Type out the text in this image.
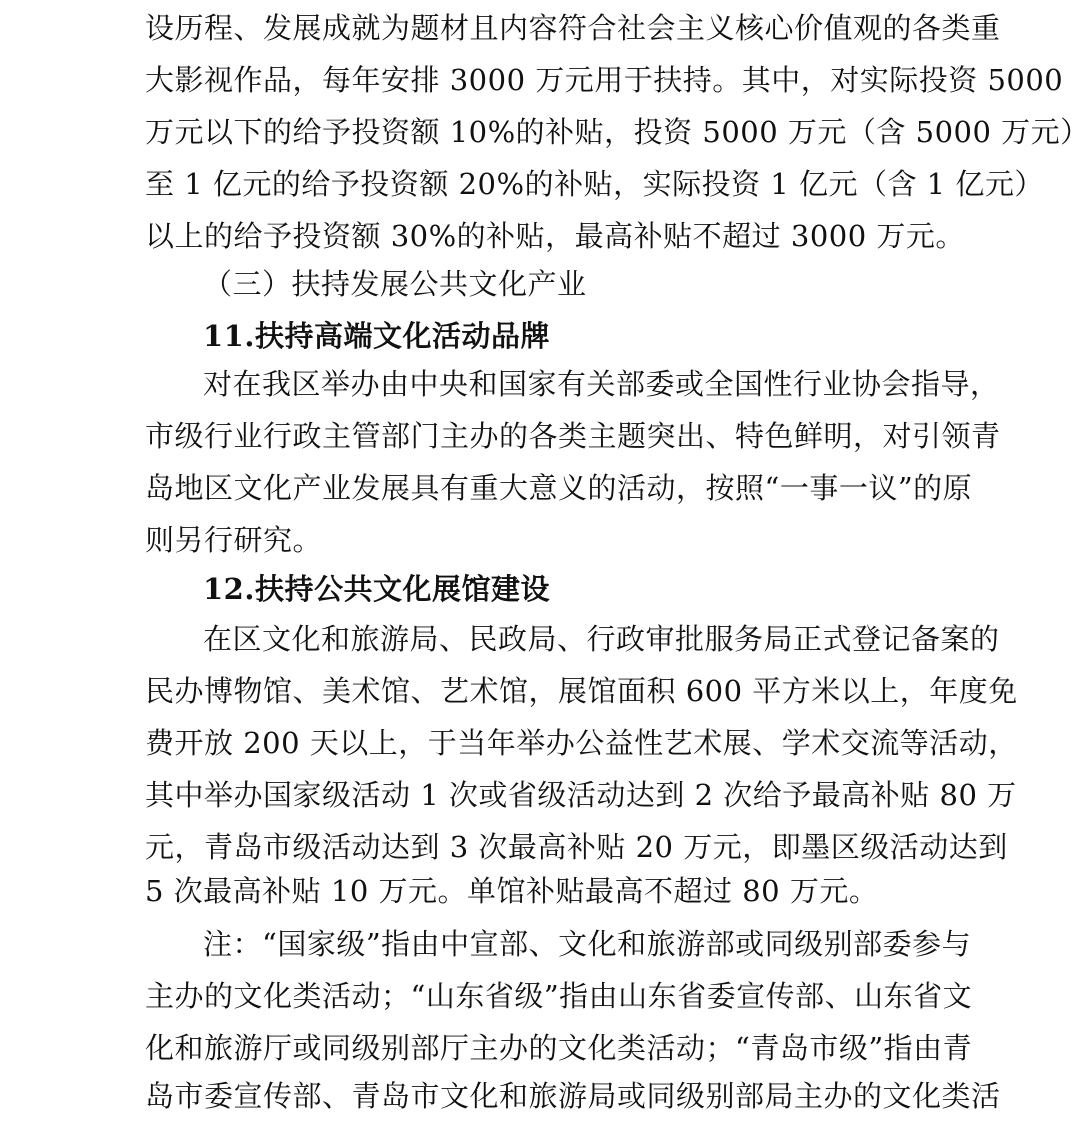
设历程、发展成就为题材且内容符合社会主义核心价值观的各类重
大影视作品，每年安排 3000 万元用于扶持。其中，对实际投资 5000
万元以下的给予投资额 10%的补贴，投资 5000 万元（含 5000 万元）
至 1 亿元的给予投资额 20%的补贴，实际投资 1 亿元（含 1 亿元）
以上的给予投资额 30%的补贴，最高补贴不超过 3000 万元。
（三）扶持发展公共文化产业
11.扶持高端文化活动品牌
对在我区举办由中央和国家有关部委或全国性行业协会指导，
市级行业行政主管部门主办的各类主题突出、特色鲜明，对引领青
岛地区文化产业发展具有重大意义的活动，按照“一事一议”的原
则另行研究。
12.扶持公共文化展馆建设
在区文化和旅游局、民政局、行政审批服务局正式登记备案的
民办博物馆、美术馆、艺术馆，展馆面积 600 平方米以上，年度免
费开放 200 天以上，于当年举办公益性艺术展、学术交流等活动，
其中举办国家级活动 1 次或省级活动达到 2 次给予最高补贴 80 万
元，青岛市级活动达到 3 次最高补贴 20 万元，即墨区级活动达到
5 次最高补贴 10 万元。单馆补贴最高不超过 80 万元。
注：“国家级”指由中宣部、文化和旅游部或同级别部委参与
主办的文化类活动；“山东省级”指由山东省委宣传部、山东省文
化和旅游厅或同级别部厅主办的文化类活动；“青岛市级”指由青
岛市委宣传部、青岛市文化和旅游局或同级别部局主办的文化类活
